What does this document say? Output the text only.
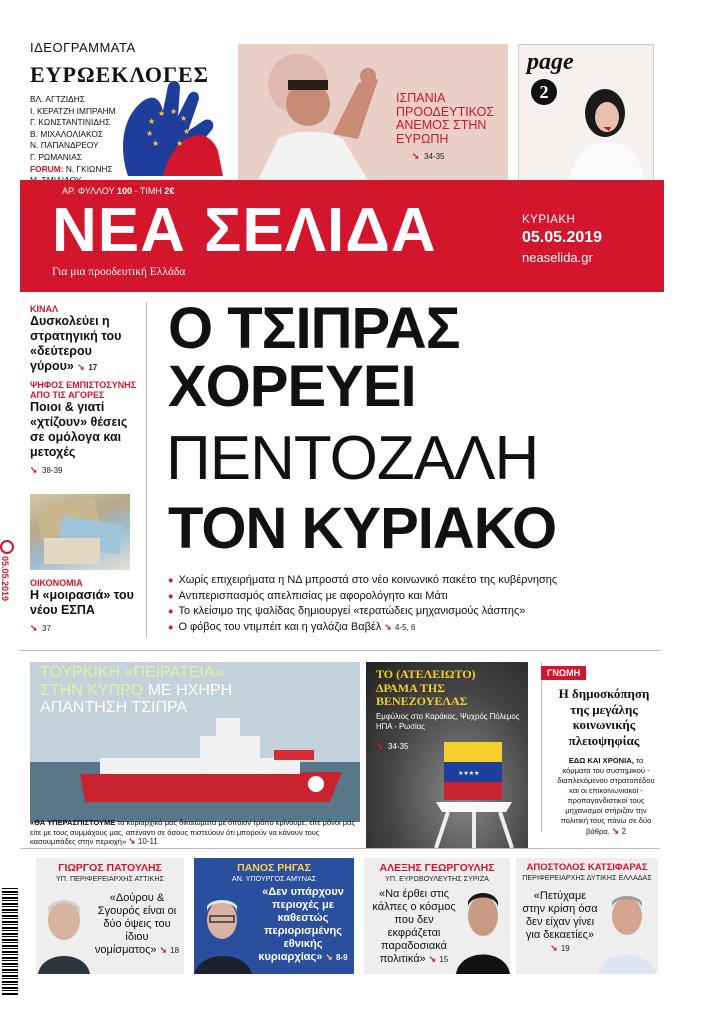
ΙΔΕΟΓΡΑΜΜΑΤΑ
ΕΥΡΩΕΚΛΟΓΕΣ
ΒΛ. ΑΓΤΖΙΔΗΣ
Ι. ΚΕΡΑΤΖΗ ΙΜΠΡΑΗΜ
Γ. ΚΩΝΣΤΑΝΤΙΝΙΔΗΣ
Β. ΜΙΧΑΛΟΛΙΑΚΟΣ
Ν. ΠΑΠΑΝΔΡΕΟΥ
Γ. ΡΩΜΑΝΙΑΣ
FORUM: Ν. ΓΚΙΩΝΗΣ
★
★ ★
★
★	★
★ ★
ΙΣΠΑΝΙΑ
ΠΡΟΟΔΕΥΤΙΚΟΣ
ΑΝΕΜΟΣ ΣΤΗΝ
ΕΥΡΩΠΗ
➘ 34-35
page
2
ΑΡ. ΦΥΛΛΟΥ 100 - ΤΙΜΗ 2€
ΝΕΑ ΣΕΛΙΔΑ
Για μια προοδευτική Ελλάδα
ΚΥΡΙΑΚΗ
05.05.2019
neaselida.gr
ΚΙΝΑΛ
Δυσκολεύει η στρατηγική του «δεύτερου γύρου» ➘ 17
ΨΗΦΟΣ ΕΜΠΙΣΤΟΣΥΝΗΣ ΑΠΟ ΤΙΣ ΑΓΟΡΕΣ
Ποιοι & γιατί «χτίζουν» θέσεις σε ομόλογα και μετοχές
➘ 38-39
ΟΙΚΟΝΟΜΙΑ
Η «μοιρασιά» του νέου ΕΣΠΑ
➘ 37
Ο ΤΣΙΠΡΑΣ
ΧΟΡΕΥΕΙ
ΠΕΝΤΟΖΑΛΗ
ΤΟΝ ΚΥΡΙΑΚΟ
● Χωρίς επιχειρήματα η ΝΔ μπροστά στο νέο κοινωνικό πακέτο της κυβέρνησης
● Αντιπερισπασμός απελπισίας με αφορολόγητο και Μάτι
● Το κλείσιμο της ψαλίδας δημιουργεί «τερατώδεις μηχανισμούς λάσπης»
● Ο φόβος του ντιμπέιτ και η γαλάζια Βαβέλ ➘ 4-5, 6
ΤΟΥΡΚΙΚΗ «ΠΕΙΡΑΤΕΙΑ»
ΣΤΗΝ ΚΥΠΡΟ ΜΕ ΗΧΗΡΗ
ΑΠΑΝΤΗΣΗ ΤΣΙΠΡΑ
«ΘΑ ΥΠΕΡΑΣΠΙΣΤΟΥΜΕ τα κυριαρχικά μας δικαιώματα με όποιον τρόπο κρίνουμε, είτε μόνοι μας είτε με τους συμμάχους μας, απέναντι σε όσους πιστεύουν ότι μπορούν να κάνουν τους κασουμπάδες στην περιοχή» ➘ 10-11
★★★★
ΤΟ (ΑΤΕΛΕΙΩΤΟ)
ΔΡΑΜΑ ΤΗΣ
ΒΕΝΕΖΟΥΕΛΑΣ
Εμφύλιος στο Καράκας, Ψυχρός Πόλεμος ΗΠΑ - Ρωσίας
➘ 34-35
ΓΝΩΜΗ
Η δημοσκόπηση της μεγάλης κοινωνικής πλειοψηφίας
ΕΔΩ ΚΑΙ ΧΡΟΝΙΑ, τα κόμματα του συστημικού - διαπλεκόμενου στρατοπέδου και οι επικοινωνιακοί - προπαγανδιστικοί τους μηχανισμοί στήριζαν την πολιτική τους πάνω σε δύο βάθρα. ➘ 2
ΓΙΩΡΓΟΣ ΠΑΤΟΥΛΗΣ
ΥΠ. ΠΕΡΙΦΕΡΕΙΑΡΧΗΣ ΑΤΤΙΚΗΣ
«Δούρου & Σγουρός είναι οι δύο όψεις του ίδιου νομίσματος» ➘ 18
ΠΑΝΟΣ ΡΗΓΑΣ
ΑΝ. ΥΠΟΥΡΓΟΣ ΑΜΥΝΑΣ
«Δεν υπάρχουν περιοχές με καθεστώς περιορισμένης εθνικής κυριαρχίας» ➘ 8-9
ΑΛΕΞΗΣ ΓΕΩΡΓΟΥΛΗΣ
ΥΠ. ΕΥΡΩΒΟΥΛΕΥΤΗΣ ΣΥΡΙΖΑ
«Να έρθει στις κάλπες ο κόσμος που δεν εκφράζεται παραδοσιακά πολιτικά» ➘ 15
ΑΠΟΣΤΟΛΟΣ ΚΑΤΣΙΦΑΡΑΣ
ΠΕΡΙΦΕΡΕΙΑΡΧΗΣ ΔΥΤΙΚΗΣ ΕΛΛΑΔΑΣ
«Πετύχαμε στην κρίση όσα δεν είχαν γίνει για δεκαετίες» ➘ 19
05.05.2019
